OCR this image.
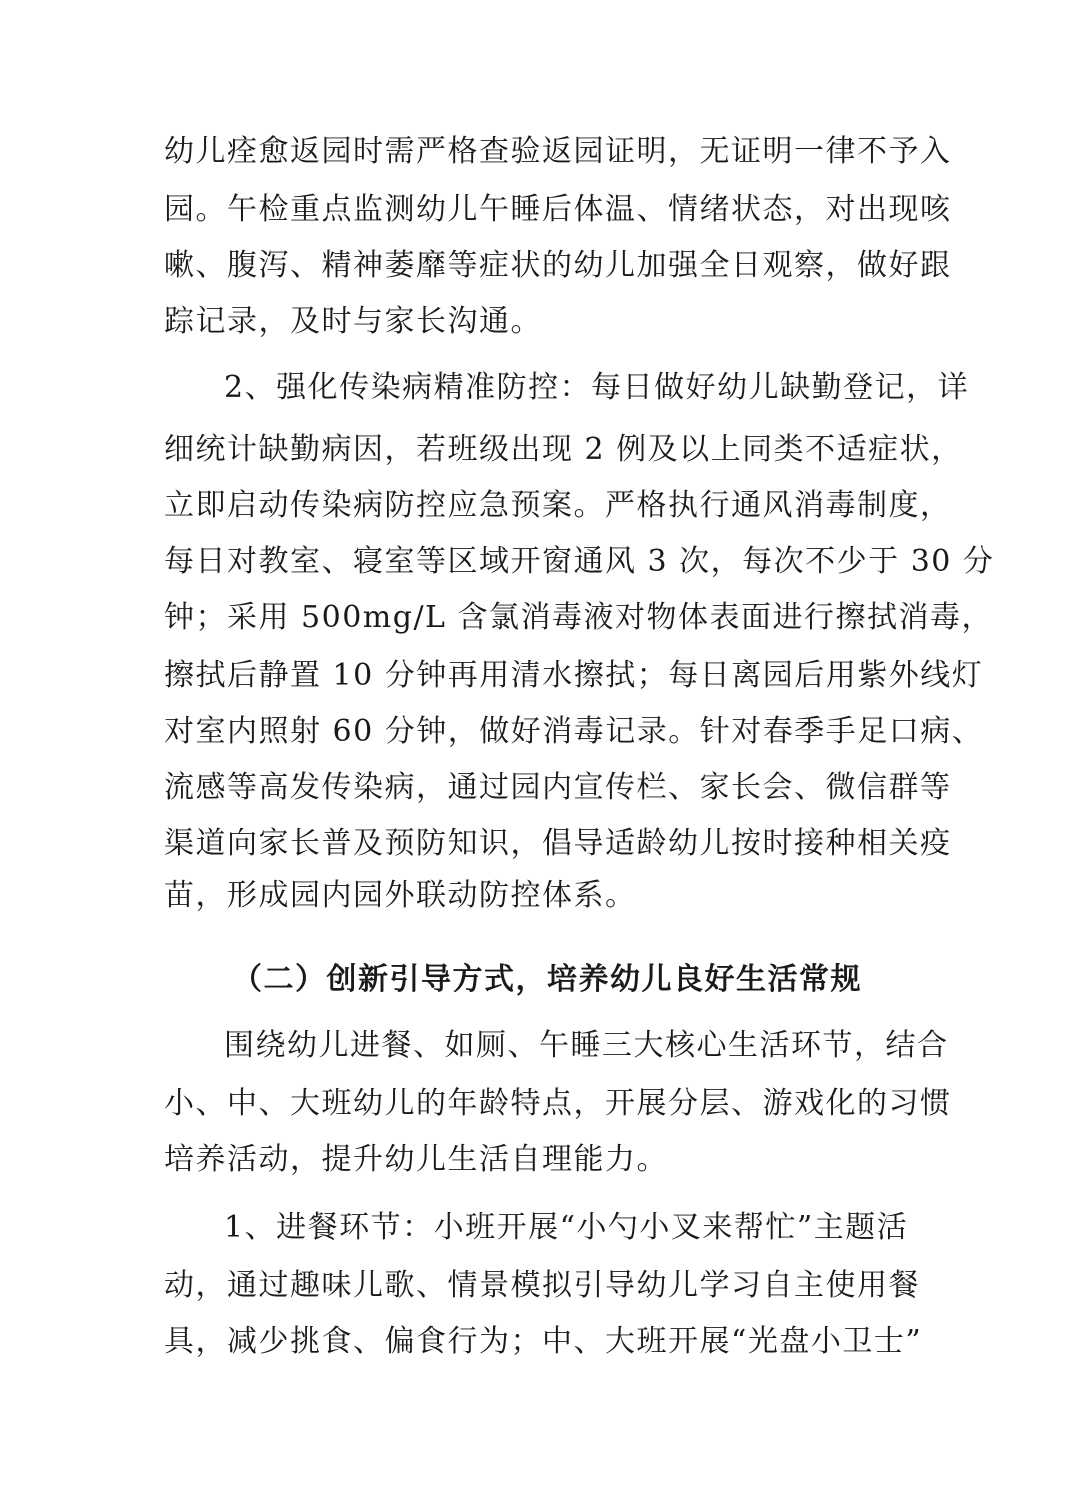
幼儿痊愈返园时需严格查验返园证明，无证明一律不予入
园。午检重点监测幼儿午睡后体温、情绪状态，对出现咳
嗽、腹泻、精神萎靡等症状的幼儿加强全日观察，做好跟
踪记录，及时与家长沟通。
2、强化传染病精准防控：每日做好幼儿缺勤登记，详
细统计缺勤病因，若班级出现 2 例及以上同类不适症状，
立即启动传染病防控应急预案。严格执行通风消毒制度，
每日对教室、寝室等区域开窗通风 3 次，每次不少于 30 分
钟；采用 500mg/L 含氯消毒液对物体表面进行擦拭消毒，
擦拭后静置 10 分钟再用清水擦拭；每日离园后用紫外线灯
对室内照射 60 分钟，做好消毒记录。针对春季手足口病、
流感等高发传染病，通过园内宣传栏、家长会、微信群等
渠道向家长普及预防知识，倡导适龄幼儿按时接种相关疫
苗，形成园内园外联动防控体系。
（二）创新引导方式，培养幼儿良好生活常规
围绕幼儿进餐、如厕、午睡三大核心生活环节，结合
小、中、大班幼儿的年龄特点，开展分层、游戏化的习惯
培养活动，提升幼儿生活自理能力。
1、进餐环节：小班开展“小勺小叉来帮忙”主题活
动，通过趣味儿歌、情景模拟引导幼儿学习自主使用餐
具，减少挑食、偏食行为；中、大班开展“光盘小卫士”
